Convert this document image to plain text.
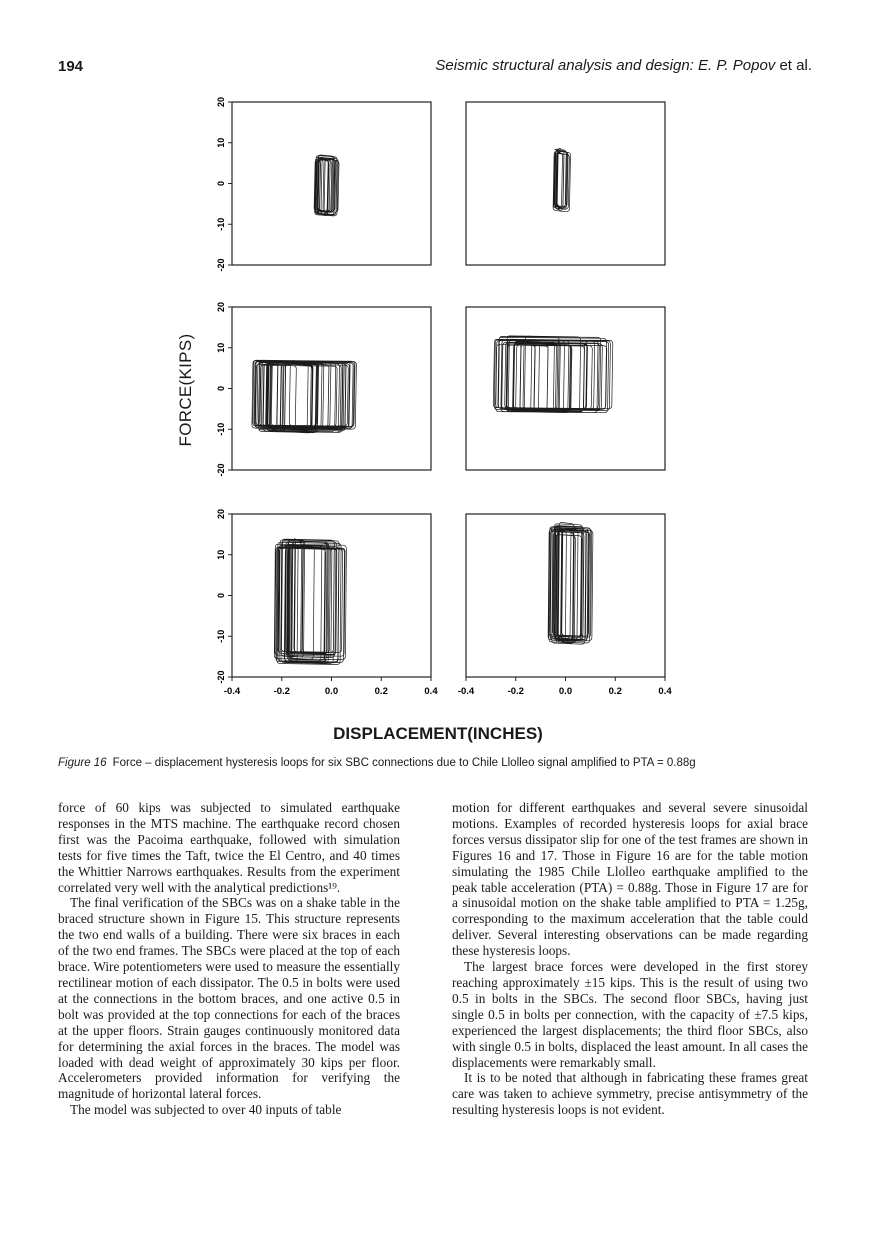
194	Seismic structural analysis and design: E. P. Popov et al.
-20
-10
0
10
20
-20
-10
0
10
20
-20
-10
0
10
20
-0.4	-0.2	0.0	0.2	0.4 -0.4	-0.2	0.0	0.2	0.4
FORCE(KIPS)
DISPLACEMENT(INCHES)
Figure 16 Force – displacement hysteresis loops for six SBC connections due to Chile Llolleo signal amplified to PTA = 0.88g

force of 60 kips was subjected to simulated earthquake responses in the MTS machine. The earthquake record chosen first was the Pacoima earthquake, followed with simulation tests for five times the Taft, twice the El Centro, and 40 times the Whittier Narrows earthquakes. Results from the experiment correlated very well with the analytical predictions¹⁹.

The final verification of the SBCs was on a shake table in the braced structure shown in Figure 15. This structure represents the two end walls of a building. There were six braces in each of the two end frames. The SBCs were placed at the top of each brace. Wire potentiometers were used to measure the essentially rectilinear motion of each dissipator. The 0.5 in bolts were used at the connections in the bottom braces, and one active 0.5 in bolt was provided at the top connections for each of the braces at the upper floors. Strain gauges continuously monitored data for determining the axial forces in the braces. The model was loaded with dead weight of approximately 30 kips per floor. Accelerometers provided information for verifying the magnitude of horizontal lateral forces.

The model was subjected to over 40 inputs of table

motion for different earthquakes and several severe sinusoidal motions. Examples of recorded hysteresis loops for axial brace forces versus dissipator slip for one of the test frames are shown in Figures 16 and 17. Those in Figure 16 are for the table motion simulating the 1985 Chile Llolleo earthquake amplified to the peak table acceleration (PTA) = 0.88g. Those in Figure 17 are for a sinusoidal motion on the shake table amplified to PTA = 1.25g, corresponding to the maximum acceleration that the table could deliver. Several interesting observations can be made regarding these hysteresis loops.

The largest brace forces were developed in the first storey reaching approximately ±15 kips. This is the result of using two 0.5 in bolts in the SBCs. The second floor SBCs, having just single 0.5 in bolts per connection, with the capacity of ±7.5 kips, experienced the largest displacements; the third floor SBCs, also with single 0.5 in bolts, displaced the least amount. In all cases the displacements were remarkably small.

It is to be noted that although in fabricating these frames great care was taken to achieve symmetry, precise antisymmetry of the resulting hysteresis loops is not evident.
